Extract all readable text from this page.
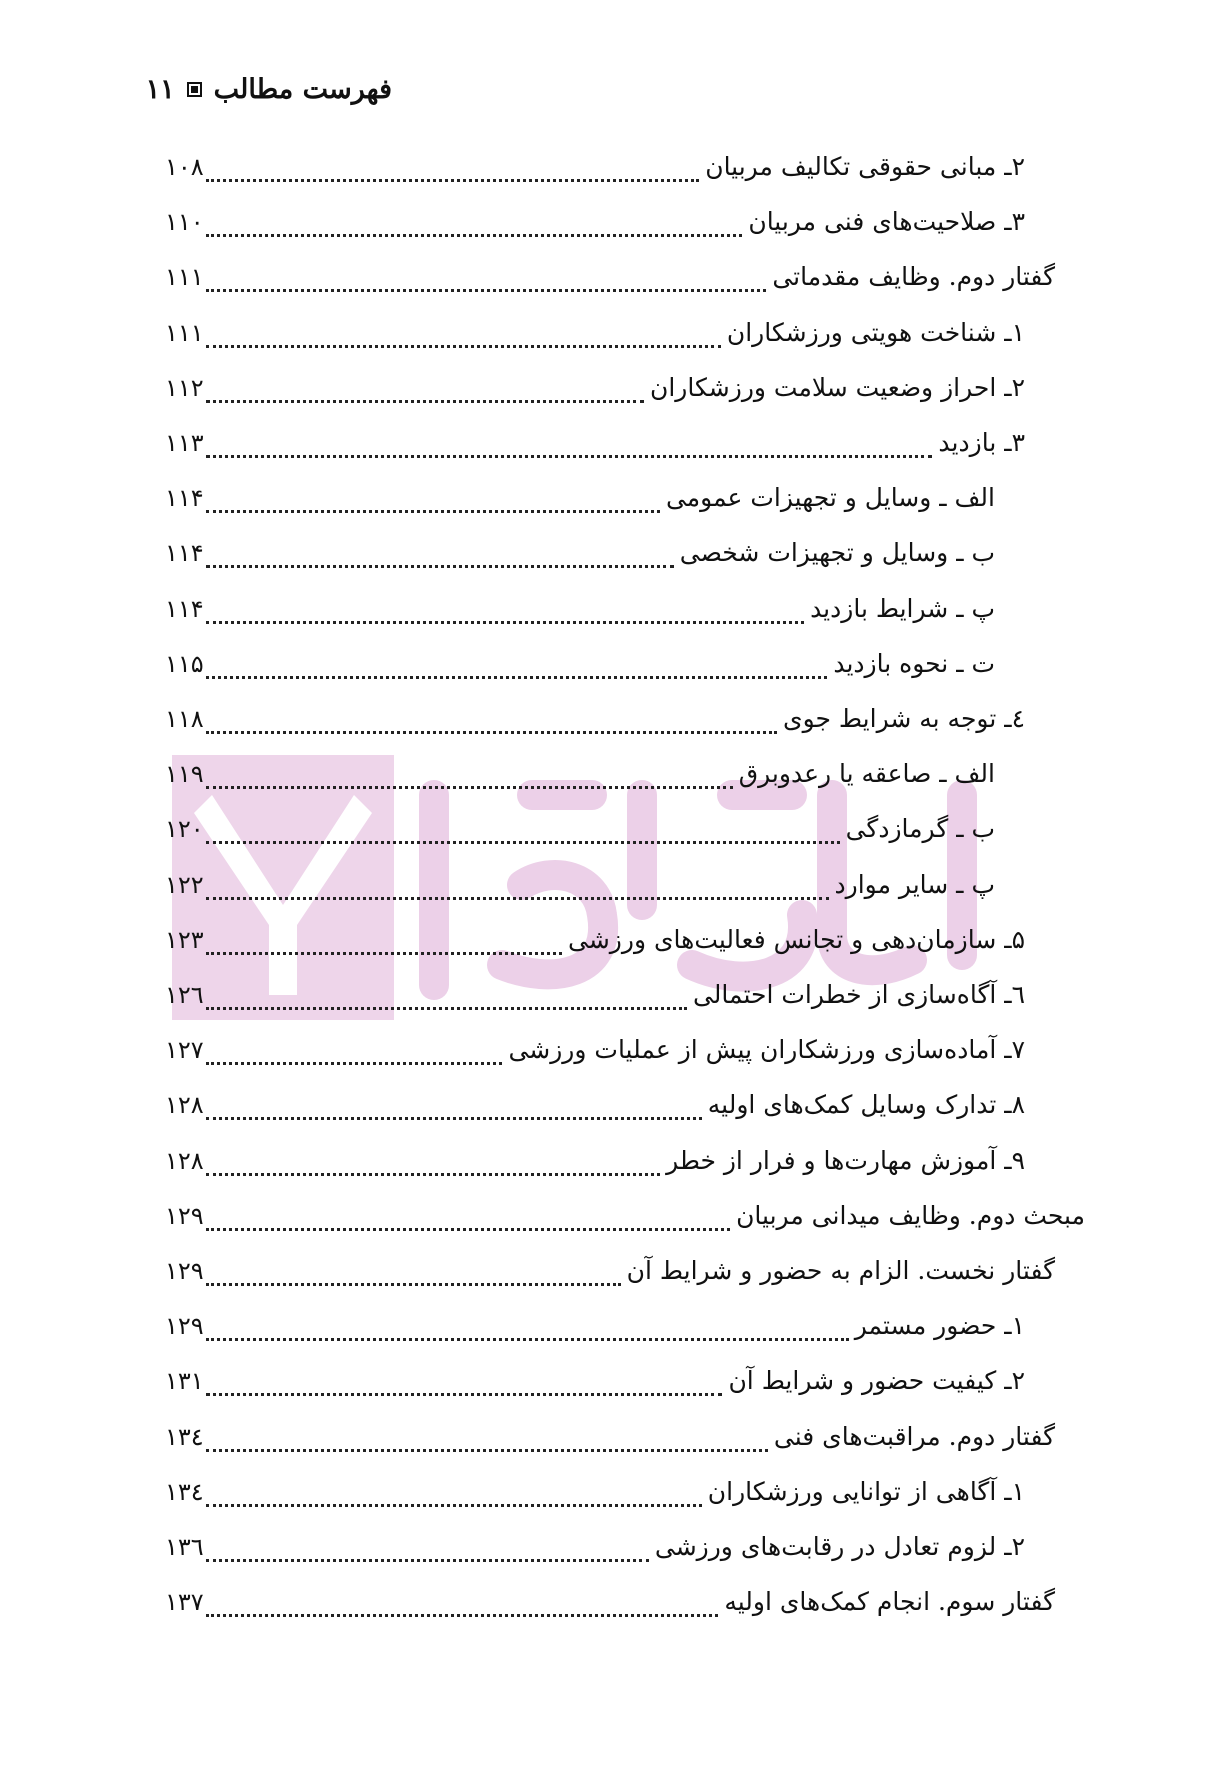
فهرست مطالب
۱۱
۲ـ مبانی حقوقی تکالیف مربیان
۱۰۸
۳ـ صلاحیت‌های فنی مربیان
۱۱۰
گفتار دوم. وظایف مقدماتی
۱۱۱
۱ـ شناخت هویتی ورزشکاران
۱۱۱
۲ـ احراز وضعیت سلامت ورزشکاران
۱۱۲
۳ـ بازدید
۱۱۳
الف ـ وسایل و تجهیزات عمومی
۱۱۴
ب ـ وسایل و تجهیزات شخصی
۱۱۴
پ ـ شرایط بازدید
۱۱۴
ت ـ نحوه بازدید
۱۱۵
٤ـ توجه به شرایط جوی
۱۱۸
الف ـ صاعقه یا رعدوبرق
۱۱۹
ب ـ گرمازدگی
۱۲۰
پ ـ سایر موارد
۱۲۲
۵ـ سازمان‌دهی و تجانس فعالیت‌های ورزشی
۱۲۳
٦ـ آگاه‌سازی از خطرات احتمالی
۱۲٦
۷ـ آماده‌سازی ورزشکاران پیش از عملیات ورزشی
۱۲۷
۸ـ تدارک وسایل کمک‌های اولیه
۱۲۸
۹ـ آموزش مهارت‌ها و فرار از خطر
۱۲۸
مبحث دوم. وظایف میدانی مربیان
۱۲۹
گفتار نخست. الزام به حضور و شرایط آن
۱۲۹
۱ـ حضور مستمر
۱۲۹
۲ـ کیفیت حضور و شرایط آن
۱۳۱
گفتار دوم. مراقبت‌های فنی
۱۳٤
۱ـ آگاهی از توانایی ورزشکاران
۱۳٤
۲ـ لزوم تعادل در رقابت‌های ورزشی
۱۳٦
گفتار سوم. انجام کمک‌های اولیه
۱۳۷
